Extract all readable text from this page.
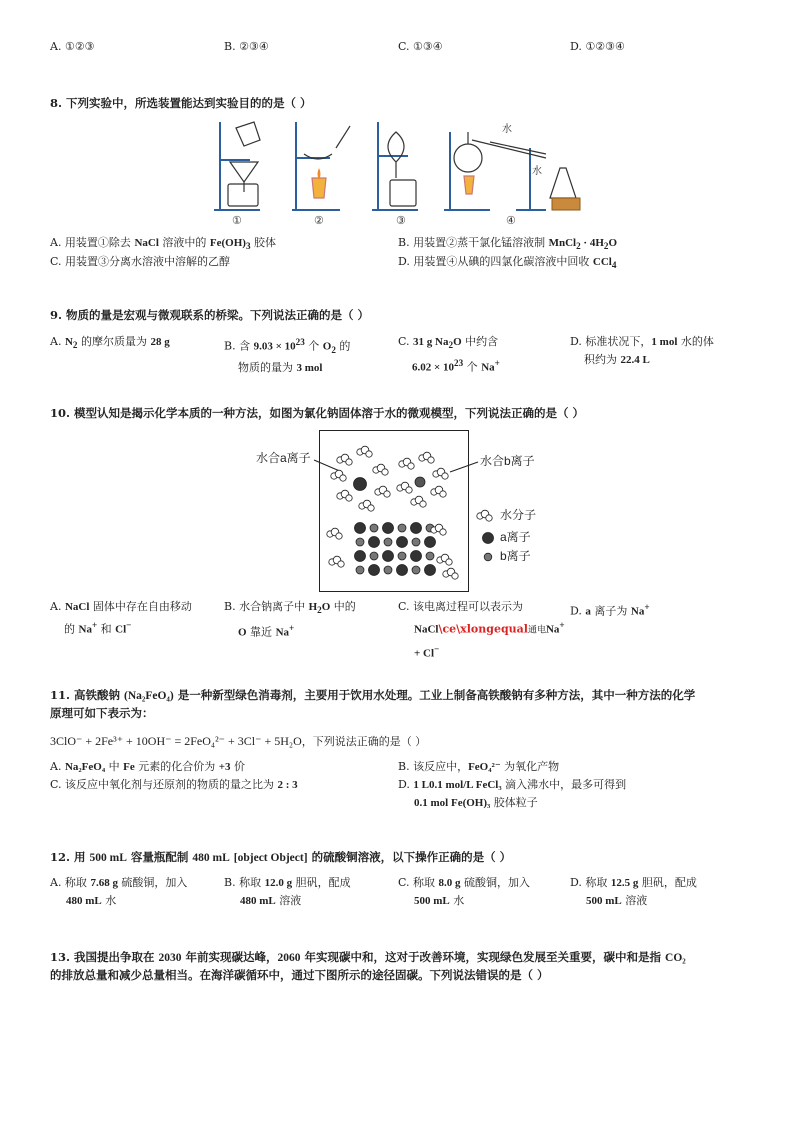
A. ①②③	B. ②③④	C. ①③④	D. ①②③④
8. 下列实验中，所选装置能达到实验目的的是（ ）
水
水
①	②	③	④
A. 用装置①除去 NaCl 溶液中的 $Fe(OH)_3$ 胶体	B. 用装置②蒸干氯化锰溶液制 MnCl$_2$ · $4H_2O$
C. 用装置③分离水溶液中溶解的乙醇	D. 用装置④从碘的四氯化碳溶液中回收 CCl$_4$
9. 物质的量是宏观与微观联系的桥梁。下列说法正确的是（ ）
A. $N_2$ 的摩尔质量为 28 g	B. 含 $9.03 \times 10^{23}$ 个 $O_2$ 的
物质的量为 3 mol
C. 31 g $Na_2O$ 中约含
$6.02 \times 10^{23}$ 个 Na+
D. 标准状况下，1 mol 水的体
积约为 22.4 L
10. 模型认知是揭示化学本质的一种方法，如图为氯化钠固体溶于水的微观模型，下列说法正确的是（ ）
水合a离子	水合b离子
水分子
a离子
b离子
A. NaCl 固体中存在自由移动
的 Na+ 和 Cl−
B. 水合钠离子中 $H_2O$ 中的
O 靠近 Na+
C. 该电离过程可以表示为
NaCl\ce\xlongequal通电Na+
+ Cl−
D. a 离子为 Na+
11. 高铁酸钠 (Na₂FeO₄) 是一种新型绿色消毒剂，主要用于饮用水处理。工业上制备高铁酸钠有多种方法，其中一种方法的化学
原理可如下表示为：
3ClO⁻ + 2Fe³⁺ + 10OH⁻ = 2FeO₄²⁻ + 3Cl⁻ + 5H₂O，下列说法正确的是（ ）
A. Na₂FeO₄ 中 Fe 元素的化合价为 +3 价	B. 该反应中，FeO₄²⁻ 为氧化产物
C. 该反应中氧化剂与还原剂的物质的量之比为 2 : 3	D. 1 L0.1 mol/L FeCl₃ 滴入沸水中，最多可得到
0.1 mol Fe(OH)₃ 胶体粒子
12. 用 500 mL 容量瓶配制 480 mL [object Object] 的硫酸铜溶液，以下操作正确的是（ ）
A. 称取 7.68 g 硫酸铜，加入
480 mL 水
B. 称取 12.0 g 胆矾，配成
480 mL 溶液
C. 称取 8.0 g 硫酸铜，加入
500 mL 水
D. 称取 12.5 g 胆矾，配成
500 mL 溶液
13. 我国提出争取在 2030 年前实现碳达峰，2060 年实现碳中和，这对于改善环境，实现绿色发展至关重要，碳中和是指 CO₂
的排放总量和减少总量相当。在海洋碳循环中，通过下图所示的途径固碳。下列说法错误的是（ ）
